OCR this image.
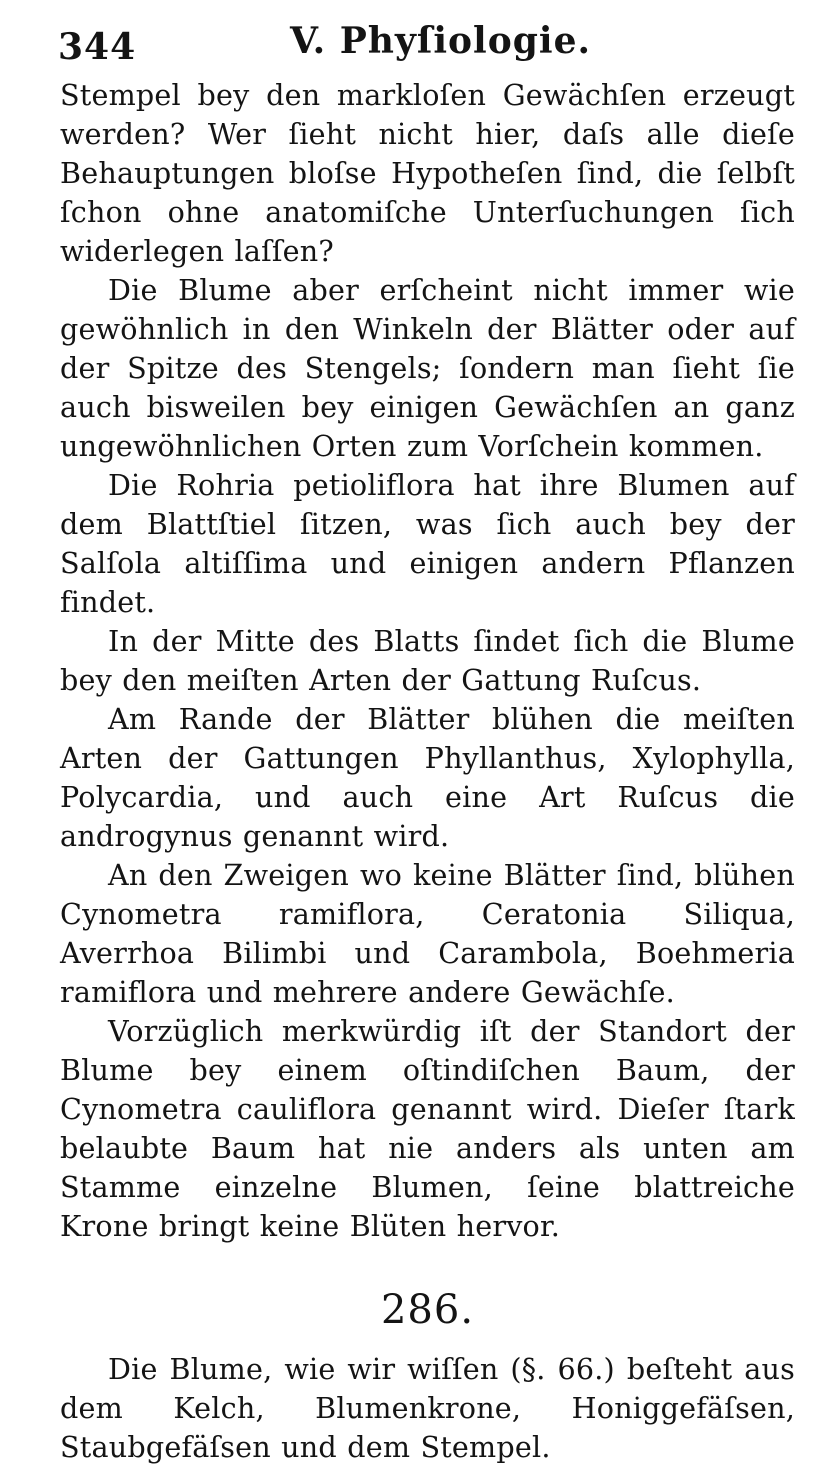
344	V. Phyſiologie.

Stempel bey den markloſen Gewächſen erzeugt werden? Wer ſieht nicht hier, daſs alle dieſe Behauptungen bloſse Hypotheſen ſind, die ſelbſt ſchon ohne anatomiſche Unterſuchungen ſich widerlegen laſſen?

Die Blume aber erſcheint nicht immer wie gewöhnlich in den Winkeln der Blätter oder auf der Spitze des Stengels; ſondern man ſieht ſie auch bisweilen bey einigen Gewächſen an ganz ungewöhnlichen Orten zum Vorſchein kommen.

Die Rohria petioliflora hat ihre Blumen auf dem Blattſtiel ſitzen, was ſich auch bey der Salſola altiſſima und einigen andern Pflanzen findet.

In der Mitte des Blatts ſindet ſich die Blume bey den meiſten Arten der Gattung Ruſcus.

Am Rande der Blätter blühen die meiſten Arten der Gattungen Phyllanthus, Xylophylla, Polycardia, und auch eine Art Ruſcus die androgynus genannt wird.

An den Zweigen wo keine Blätter ſind, blühen Cynometra ramiflora, Ceratonia Siliqua, Averrhoa Bilimbi und Carambola, Boehmeria ramiflora und mehrere andere Gewächſe.

Vorzüglich merkwürdig iſt der Standort der Blume bey einem oſtindiſchen Baum, der Cynometra cauliflora genannt wird. Dieſer ſtark belaubte Baum hat nie anders als unten am Stamme einzelne Blumen, ſeine blattreiche Krone bringt keine Blüten hervor.

286.

Die Blume, wie wir wiſſen (§. 66.) beſteht aus dem Kelch, Blumenkrone, Honiggefäſsen, Staubgefäſsen und dem Stempel.
